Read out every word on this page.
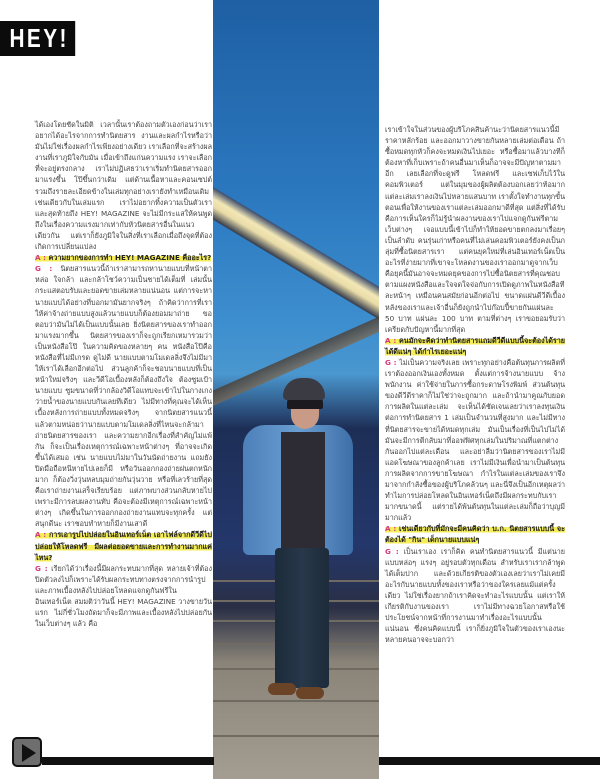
HEY!

ได้เองโดยชัดในมิติ เวลานั้นเราต้องถามตัวเองก่อนว่าเราอยากได้อะไรจากการทำนิตยสาร งานและผลกำไรหรือว่ามันไม่ใช่เรื่องผลกำไรเพียงอย่างเดียว เราเลือกที่จะสร้างผลงานที่เราภูมิใจกับมัน เมื่อเข้าถึงแก่นความแรง เราจะเลือกที่จะอยู่ตรงกลาง เราไม่ปฏิเสธว่าเราเริ่มทำนิตยสารออกมาแรงขึ้น โป๊ขึ้นกว่าเดิม แต่ด้านเนื้อหาและคอนเซปต์ รวมถึงรายละเอียดข้างในเล่มทุกอย่างเรายังทำเหมือนเดิมเช่นเดียวกับในเล่มแรก เราไม่อยากทิ้งความเป็นตัวเรา และสุดท้ายถึง HEY! MAGAZINE จะไม่มีกระแสให้คนพูดถึงในเรื่องความแรงมากเท่ากับหัวนิตยสารอื่นในแนวเดียวกัน แต่เราก็ยังภูมิใจในสิ่งที่เราเลือกเมื่อถึงจุดที่ต้องเกิดการเปลี่ยนแปลง

A : ความยากของการทำ HEY! MAGAZINE คืออะไร?

G : นิตยสารแนวนี้ถ้าเราสามารถหานายแบบที่หน้าตาหล่อ ใจกล้า และกล้าโชว์ความเป็นชายได้เต็มที่ เล่มนั้นกระแสตอบรับและยอดขายเล่มหลายแน่นอน แต่การจะหานายแบบได้อย่างที่บอกมามันยากจริงๆ ถ้าคิดว่าการที่เราให้ค่าจ้างถ่ายแบบสูงแล้วนายแบบก็ต้องยอมมาถ่าย ขอตอบว่ามันไม่ได้เป็นแบบนั้นเลย ยิ่งนิตยสารของเราทำออกมาแรงมากขึ้น นิตยสารของเราก็จะถูกเรียกเหมารวมว่าเป็นหนังสือโป๊ ในความคิดของหลายๆ คน หนังสือโป๊คือหนังสือที่ไม่มีเกรด ดูไม่ดี นายแบบตามโมเดลลิ่งจึงไม่มีมาให้เราได้เลือกอีกต่อไป ส่วนลูกค้าก็จะชอบนายแบบที่เป็นหน้าใหม่จริงๆ และวีดีโอเบื้องหลังก็ต้องถึงใจ ต้องซูมเป้านายแบบ ซูมขนาดที่ว่ากล้องวิดีโอแทบจะเข้าไปในกางเกงว่ายน้ำของนายแบบกันเลยทีเดียว ไม่มีทางที่คุณจะได้เห็นเบื้องหลังการถ่ายแบบทั้งหมดจริงๆ จากนิตยสารแนวนี้ แล้วตามหน่อยว่านายแบบตามโมเดลลิ่งที่ไหนจะกล้ามาถ่ายนิตยสารของเรา และความยากอีกเรื่องที่สำคัญไม่แพ้กัน ก็จะเป็นเรื่องเหตุการณ์เฉพาะหน้าต่างๆ ที่อาจจะเกิดขึ้นได้เสมอ เช่น นายแบบไม่มาในวันนัดถ่ายงาน แถมยังปิดมือถือหนีหายไปเลยก็มี หรือวันออกกองถ่ายฝนตกหนักมาก ก็ต้องวิ่งวุ่นหลบมุมถ่ายกันวุ่นวาย หรือที่เลวร้ายที่สุดคือเราถ่ายงานเสร็จเรียบร้อย แต่ภาพบางส่วนกลับหายไปเพราะมีการลบผลงานทับ คือจะต้องมีเหตุการณ์เฉพาะหน้าต่างๆ เกิดขึ้นในการออกกองถ่ายงานแทบจะทุกครั้ง แต่สนุกดีนะ เราชอบทำหายก็มีงานเสาดี

A : การเอารูปไปปล่อยในอินเทอร์เน็ต เอาไฟล์จากดีวีดีไปปล่อยให้โหลดฟรี มีผลต่อยอดขายและการทำงานมากแค่ไหน?

G : เรียกได้ว่าเรื่องนี้มีผลกระทบมากที่สุด หลายเจ้าที่ต้องปิดตัวลงไปก็เพราะได้รับผลกระทบทางตรงจากการนำรูปและภาพเบื้องหลังไปปล่อยโหลดแจกดูกันฟรีในอินเทอร์เน็ต สมมติว่าวันนี้ HEY! MAGAZINE วางขายวันแรก ไม่กี่ชั่วโมงถัดมาก็จะมีภาพและเบื้องหลังไปปล่อยกันในเว็บต่างๆ แล้ว คือ

เราเข้าใจในส่วนของผู้บริโภคสินค้านะว่านิตยสารแนวนี้มีราคาหลักร้อย และออกมาวางขายกันหลายเล่มต่อเดือน ถ้าซื้อหมดทุกหัวก็คงจะหมดเงินไปเยอะ หรือซื้อมาแล้วบางทีก็ต้องหาที่เก็บเพราะถ้าคนอื่นมาเห็นก็อาจจะมีปัญหาตามมาอีก เลยเลือกที่จะดูฟรี โหลดฟรี และเซฟเก็บไว้ในคอมพิวเตอร์ แต่ในมุมของผู้ผลิตต้องบอกเลยว่าท้อมาก แต่ละเล่มเราลงเงินไปหลายแสนบาท เราตั้งใจทำงานทุกขั้นตอนเพื่อให้งานของเราแต่ละเล่มออกมาดีที่สุด แต่สิ่งที่ได้รับคือการเห็นใครก็ไม่รู้นำผลงานของเราไปแจกดูกันฟรีตามเว็บต่างๆ เจอแบบนี้เข้าไปก็ทำให้ยอดขายตกลงมาเรื่อยๆ เป็นลำดับ คนรุ่นเก่าหรือคนที่ไม่เล่นคอมพิวเตอร์ยังคงเป็นกลุ่มที่ซื้อนิตยสารเรา แต่คนยุคใหม่ที่เล่นอินเทอร์เน็ตเป็นอะไรที่ง่ายมากที่เขาจะโหลดงานของเราออกมาดูจากเว็บ คือยุคนี้มันอาจจะหมดยุคของการไปซื้อนิตยสารที่คุณชอบตามแผงหนังสือและใจจดใจจ่อกับการเปิดดูภาพในหนังสือทีละหน้าๆ เหมือนคนสมัยก่อนอีกต่อไป ขนาดแผ่นดีวีดีเบื้องหลังของเราและเจ้าอื่นก็ยังถูกนำไปก๊อบปี้ขายกันแผ่นละ 50 บาท แผ่นละ 100 บาท ตามที่ต่างๆ เราขอยอมรับว่าเครียดกับปัญหานี้มากที่สุด

A : คนมักจะคิดว่าทำนิตยสารแถมดีวีดีแบบนี้จะต้องได้รายได้ดีแน่ๆ ได้กำไรเยอะแน่ๆ

G : ไม่เป็นความจริงเลย เพราะทุกอย่างคือต้นทุนการผลิตที่เราต้องออกเงินเองทั้งหมด ตั้งแต่การจ้างนายแบบ จ้างพนักงาน ค่าใช้จ่ายในการซื้อกระดาษโรงพิมพ์ ส่วนต้นทุนของดีวีดีราคาก็ไม่ใช่ว่าจะถูกมาก และถ้านำมาคูณกับยอดการผลิตในแต่ละเล่ม จะเห็นได้ชัดเจนเลยว่าเราลงทุนเงินต่อการทำนิตยสาร 1 เล่มเป็นจำนวนที่สูงมาก และไม่มีทางที่นิตยสารจะขายได้หมดทุกเล่ม มันเป็นเรื่องที่เป็นไปไม่ได้ มันจะมีการตีกลับมาที่ออฟฟิศทุกเล่มในปริมาณที่แตกต่างกันออกไปแต่ละเดือน และอย่าลืมว่านิตยสารของเราไม่มีแอดโฆษณาของลูกค้าเลย เราไม่มีเงินเพื่อนำมาเป็นต้นทุนการผลิตจากการขายโฆษณา กำไรในแต่ละเล่มของเราจึงมาจากกำลังซื้อของผู้บริโภคล้วนๆ และนี่จึงเป็นอีกเหตุผลว่าทำไมการปล่อยโหลดในอินเทอร์เน็ตถึงมีผลกระทบกับเรามากขนาดนี้ แต่รายได้พ้นต้นทุนในแต่ละเล่มก็ถือว่าบุญมีมากแล้ว

A : เช่นเดียวกับที่มักจะมีคนคิดว่า บ.ก. นิตยสารแบบนี้ จะต้องได้ "กิน" เด็กนายแบบแน่ๆ

G : เป็นเราเอง เราก็คิด คนทำนิตยสารแนวนี้ มีแต่นายแบบหล่อๆ แรงๆ อยู่รอบตัวทุกเดือน สำหรับเราเรากล้าพูดได้เต็มปาก และด้วยเกียรติของตัวเองเลยว่าเราไม่เคยมีอะไรกับนายแบบทั้งของเราหรือว่าของใครเลยแม้แต่ครั้งเดียว ไม่ใช่เรื่องยากถ้าเราคิดจะทำอะไรแบบนั้น แต่เราให้เกียรติกับงานของเรา เราไม่มีทางฉวยโอกาสหรือใช้ประโยชน์จากหน้าที่การงานมาทำเรื่องอะไรแบบนั้นแน่นอน ซึ่งคนคิดแบบนี้ เราก็ยิ่งภูมิใจในตัวของเราเองนะ หลายคนอาจจะบอกว่า
